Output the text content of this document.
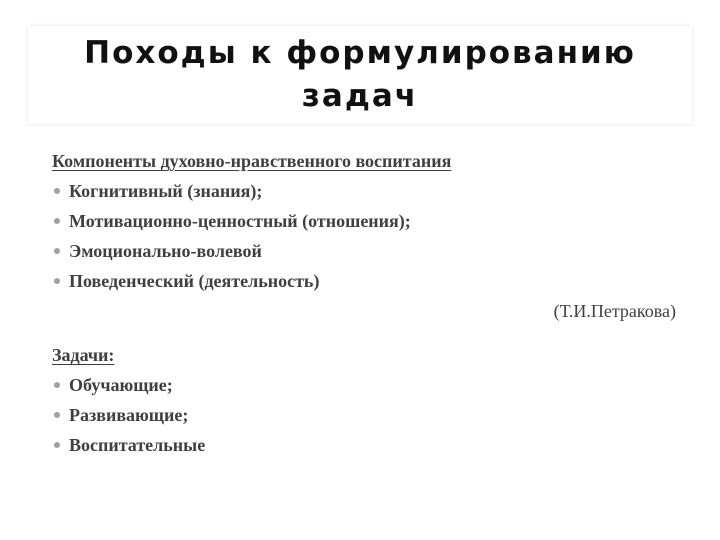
Походы к формулированию задач
Компоненты духовно-нравственного воспитания
Когнитивный (знания);
Мотивационно-ценностный (отношения);
Эмоционально-волевой
Поведенческий (деятельность)
(Т.И.Петракова)
Задачи:
Обучающие;
Развивающие;
Воспитательные
